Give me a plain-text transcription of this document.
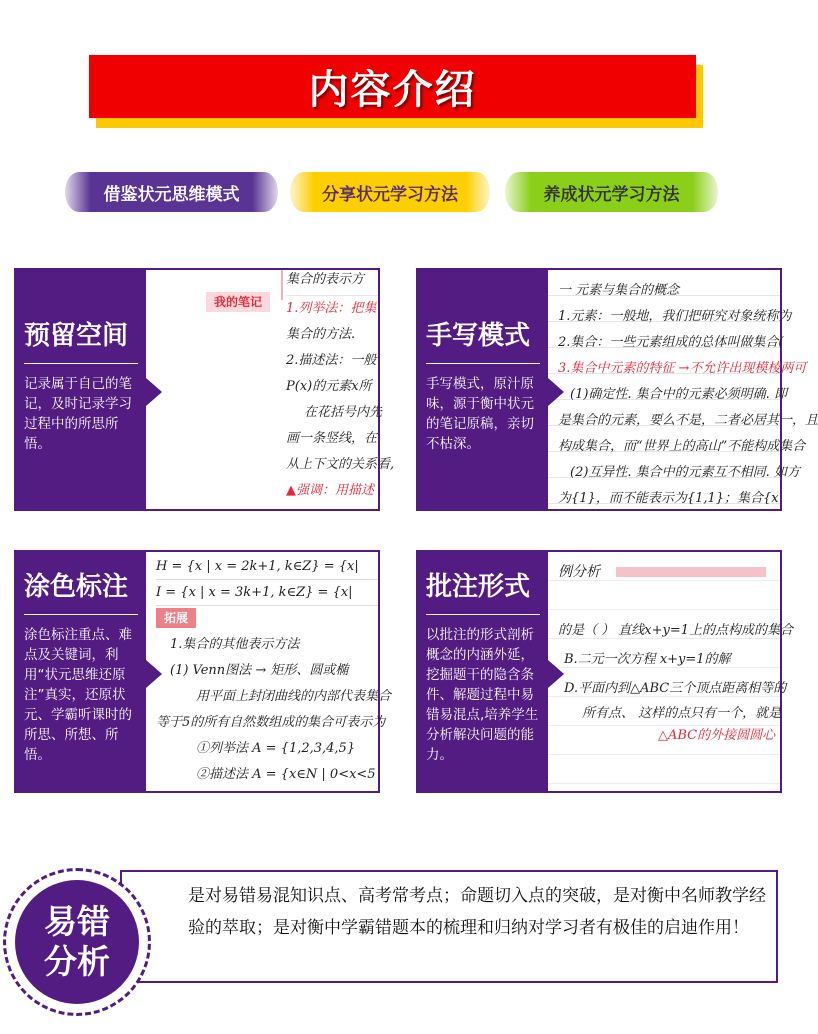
内容介绍
借鉴状元思维模式	分享状元学习方法	养成状元学习方法
预留空间

记录属于自己的笔记，及时记录学习过程中的所思所悟。

我的笔记
集合的表示方
1.列举法：把集
集合的方法.
2.描述法：一般
P(x)的元素x所
在花括号内先
画一条竖线，在
从上下文的关系看,
▲强调：用描述
手写模式

手写模式，原汁原味，源于衡中状元的笔记原稿，亲切不枯深。

一 元素与集合的概念
1.元素：一般地，我们把研究对象统称为
2.集合：一些元素组成的总体叫做集合(
3.集合中元素的特征 →不允许出现模棱两可
(1)确定性. 集合中的元素必须明确. 即
是集合的元素，要么不是，二者必居其一，且
构成集合，而“世界上的高山”不能构成集合
(2)互异性. 集合中的元素互不相同. 如方
为{1}，而不能表示为{1,1}；集合{x
涂色标注

涂色标注重点、难点及关键词，利用“状元思维还原注”真实，还原状元、学霸听课时的所思、所想、所悟。

H = {x | x = 2k+1, k∈Z} = {x|
I = {x | x = 3k+1, k∈Z} = {x|
拓展
1.集合的其他表示方法
(1) Venn图法 → 矩形、圆或椭
用平面上封闭曲线的内部代表集合
等于5的所有自然数组成的集合可表示为
①列举法 A = {1,2,3,4,5}
②描述法 A = {x∈N | 0<x<5
批注形式

以批注的形式剖析概念的内涵外延，挖掘题干的隐含条件、解题过程中易错易混点,培养学生分析解决问题的能力。

例分析
的是（ ） 直线x+y=1上的点构成的集合
B.二元一次方程 x+y=1的解
D.平面内到△ABC三个顶点距离相等的
所有点、 这样的点只有一个，就是
△ABC的外接圆圆心

是对易错易混知识点、高考常考点；命题切入点的突破，是对衡中名师教学经验的萃取；是对衡中学霸错题本的梳理和归纳对学习者有极佳的启迪作用！

易错
分析
